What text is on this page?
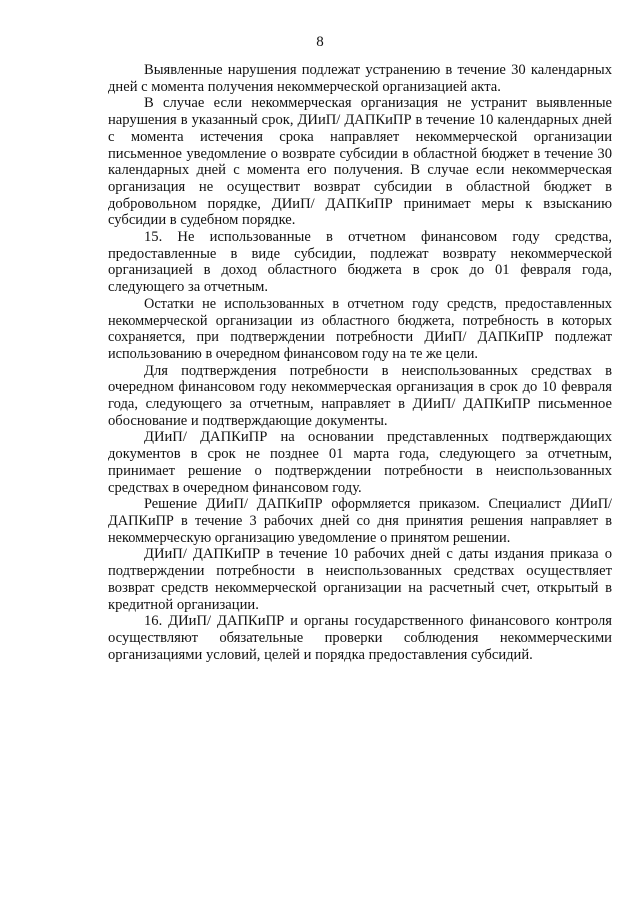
8

Выявленные нарушения подлежат устранению в течение 30 календарных дней с момента получения некоммерческой организацией акта.

В случае если некоммерческая организация не устранит выявленные нарушения в указанный срок, ДИиП/ ДАПКиПР в течение 10 календарных дней с момента истечения срока направляет некоммерческой организации письменное уведомление о возврате субсидии в областной бюджет в течение 30 календарных дней с момента его получения. В случае если некоммерческая организация не осуществит возврат субсидии в областной бюджет в добровольном порядке, ДИиП/ ДАПКиПР принимает меры к взысканию субсидии в судебном порядке.

15. Не использованные в отчетном финансовом году средства, предоставленные в виде субсидии, подлежат возврату некоммерческой организацией в доход областного бюджета в срок до 01 февраля года, следующего за отчетным.

Остатки не использованных в отчетном году средств, предоставленных некоммерческой организации из областного бюджета, потребность в которых сохраняется, при подтверждении потребности ДИиП/ ДАПКиПР подлежат использованию в очередном финансовом году на те же цели.

Для подтверждения потребности в неиспользованных средствах в очередном финансовом году некоммерческая организация в срок до 10 февраля года, следующего за отчетным, направляет в ДИиП/ ДАПКиПР письменное обоснование и подтверждающие документы.

ДИиП/ ДАПКиПР на основании представленных подтверждающих документов в срок не позднее 01 марта года, следующего за отчетным, принимает решение о подтверждении потребности в неиспользованных средствах в очередном финансовом году.

Решение ДИиП/ ДАПКиПР оформляется приказом. Специалист ДИиП/ ДАПКиПР в течение 3 рабочих дней со дня принятия решения направляет в некоммерческую организацию уведомление о принятом решении.

ДИиП/ ДАПКиПР в течение 10 рабочих дней с даты издания приказа о подтверждении потребности в неиспользованных средствах осуществляет возврат средств некоммерческой организации на расчетный счет, открытый в кредитной организации.

16. ДИиП/ ДАПКиПР и органы государственного финансового контроля осуществляют обязательные проверки соблюдения некоммерческими организациями условий, целей и порядка предоставления субсидий.
